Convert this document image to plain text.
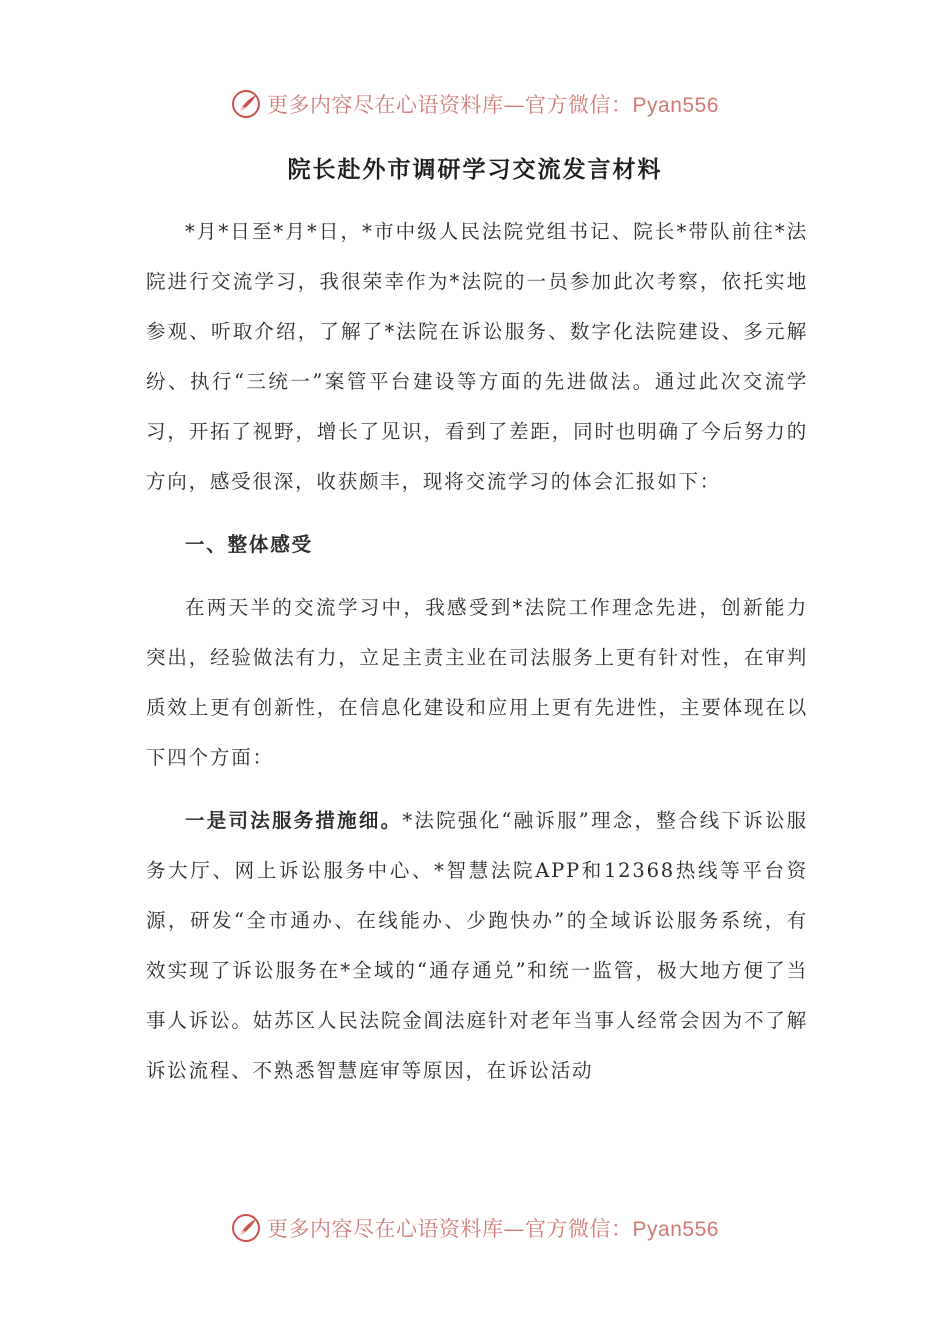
更多内容尽在心语资料库—官方微信：Pyan556
院长赴外市调研学习交流发言材料

*月*日至*月*日，*市中级人民法院党组书记、院长*带队前往*法院进行交流学习，我很荣幸作为*法院的一员参加此次考察，依托实地参观、听取介绍，了解了*法院在诉讼服务、数字化法院建设、多元解纷、执行“三统一”案管平台建设等方面的先进做法。通过此次交流学习，开拓了视野，增长了见识，看到了差距，同时也明确了今后努力的方向，感受很深，收获颇丰，现将交流学习的体会汇报如下：

一、整体感受

在两天半的交流学习中，我感受到*法院工作理念先进，创新能力突出，经验做法有力，立足主责主业在司法服务上更有针对性，在审判质效上更有创新性，在信息化建设和应用上更有先进性，主要体现在以下四个方面：

一是司法服务措施细。*法院强化“融诉服”理念，整合线下诉讼服务大厅、网上诉讼服务中心、*智慧法院APP和12368热线等平台资源，研发“全市通办、在线能办、少跑快办”的全域诉讼服务系统，有效实现了诉讼服务在*全域的“通存通兑”和统一监管，极大地方便了当事人诉讼。姑苏区人民法院金阊法庭针对老年当事人经常会因为不了解诉讼流程、不熟悉智慧庭审等原因，在诉讼活动

更多内容尽在心语资料库—官方微信：Pyan556
